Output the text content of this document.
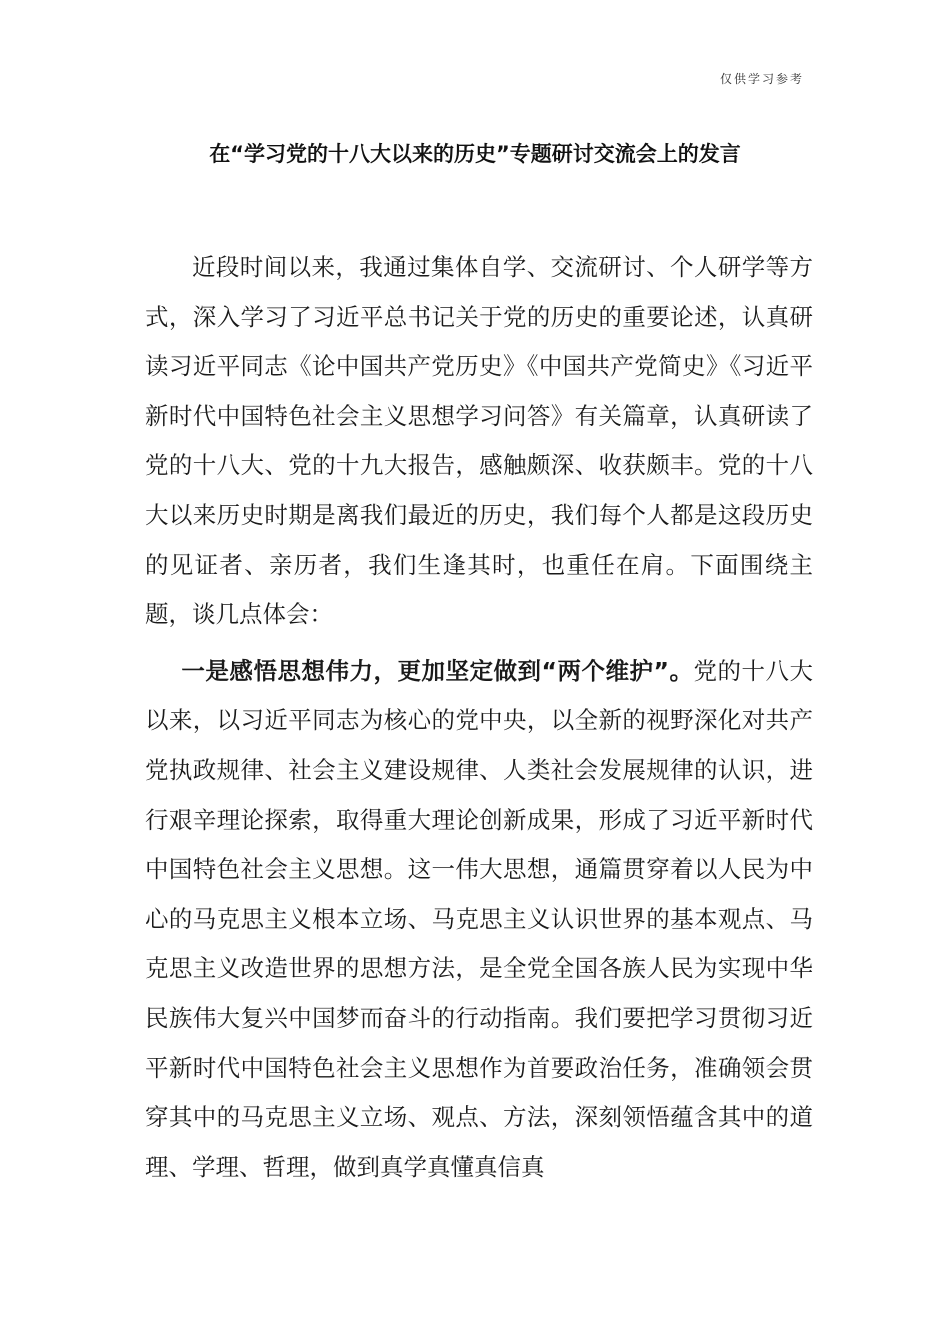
仅供学习参考
在“学习党的十八大以来的历史”专题研讨交流会上的发言

近段时间以来，我通过集体自学、交流研讨、个人研学等方式，深入学习了习近平总书记关于党的历史的重要论述，认真研读习近平同志《论中国共产党历史》《中国共产党简史》《习近平新时代中国特色社会主义思想学习问答》有关篇章，认真研读了党的十八大、党的十九大报告，感触颇深、收获颇丰。党的十八大以来历史时期是离我们最近的历史，我们每个人都是这段历史的见证者、亲历者，我们生逢其时，也重任在肩。下面围绕主题，谈几点体会：

一是感悟思想伟力，更加坚定做到“两个维护”。党的十八大以来，以习近平同志为核心的党中央，以全新的视野深化对共产党执政规律、社会主义建设规律、人类社会发展规律的认识，进行艰辛理论探索，取得重大理论创新成果，形成了习近平新时代中国特色社会主义思想。这一伟大思想，通篇贯穿着以人民为中心的马克思主义根本立场、马克思主义认识世界的基本观点、马克思主义改造世界的思想方法，是全党全国各族人民为实现中华民族伟大复兴中国梦而奋斗的行动指南。我们要把学习贯彻习近平新时代中国特色社会主义思想作为首要政治任务，准确领会贯穿其中的马克思主义立场、观点、方法，深刻领悟蕴含其中的道理、学理、哲理，做到真学真懂真信真
